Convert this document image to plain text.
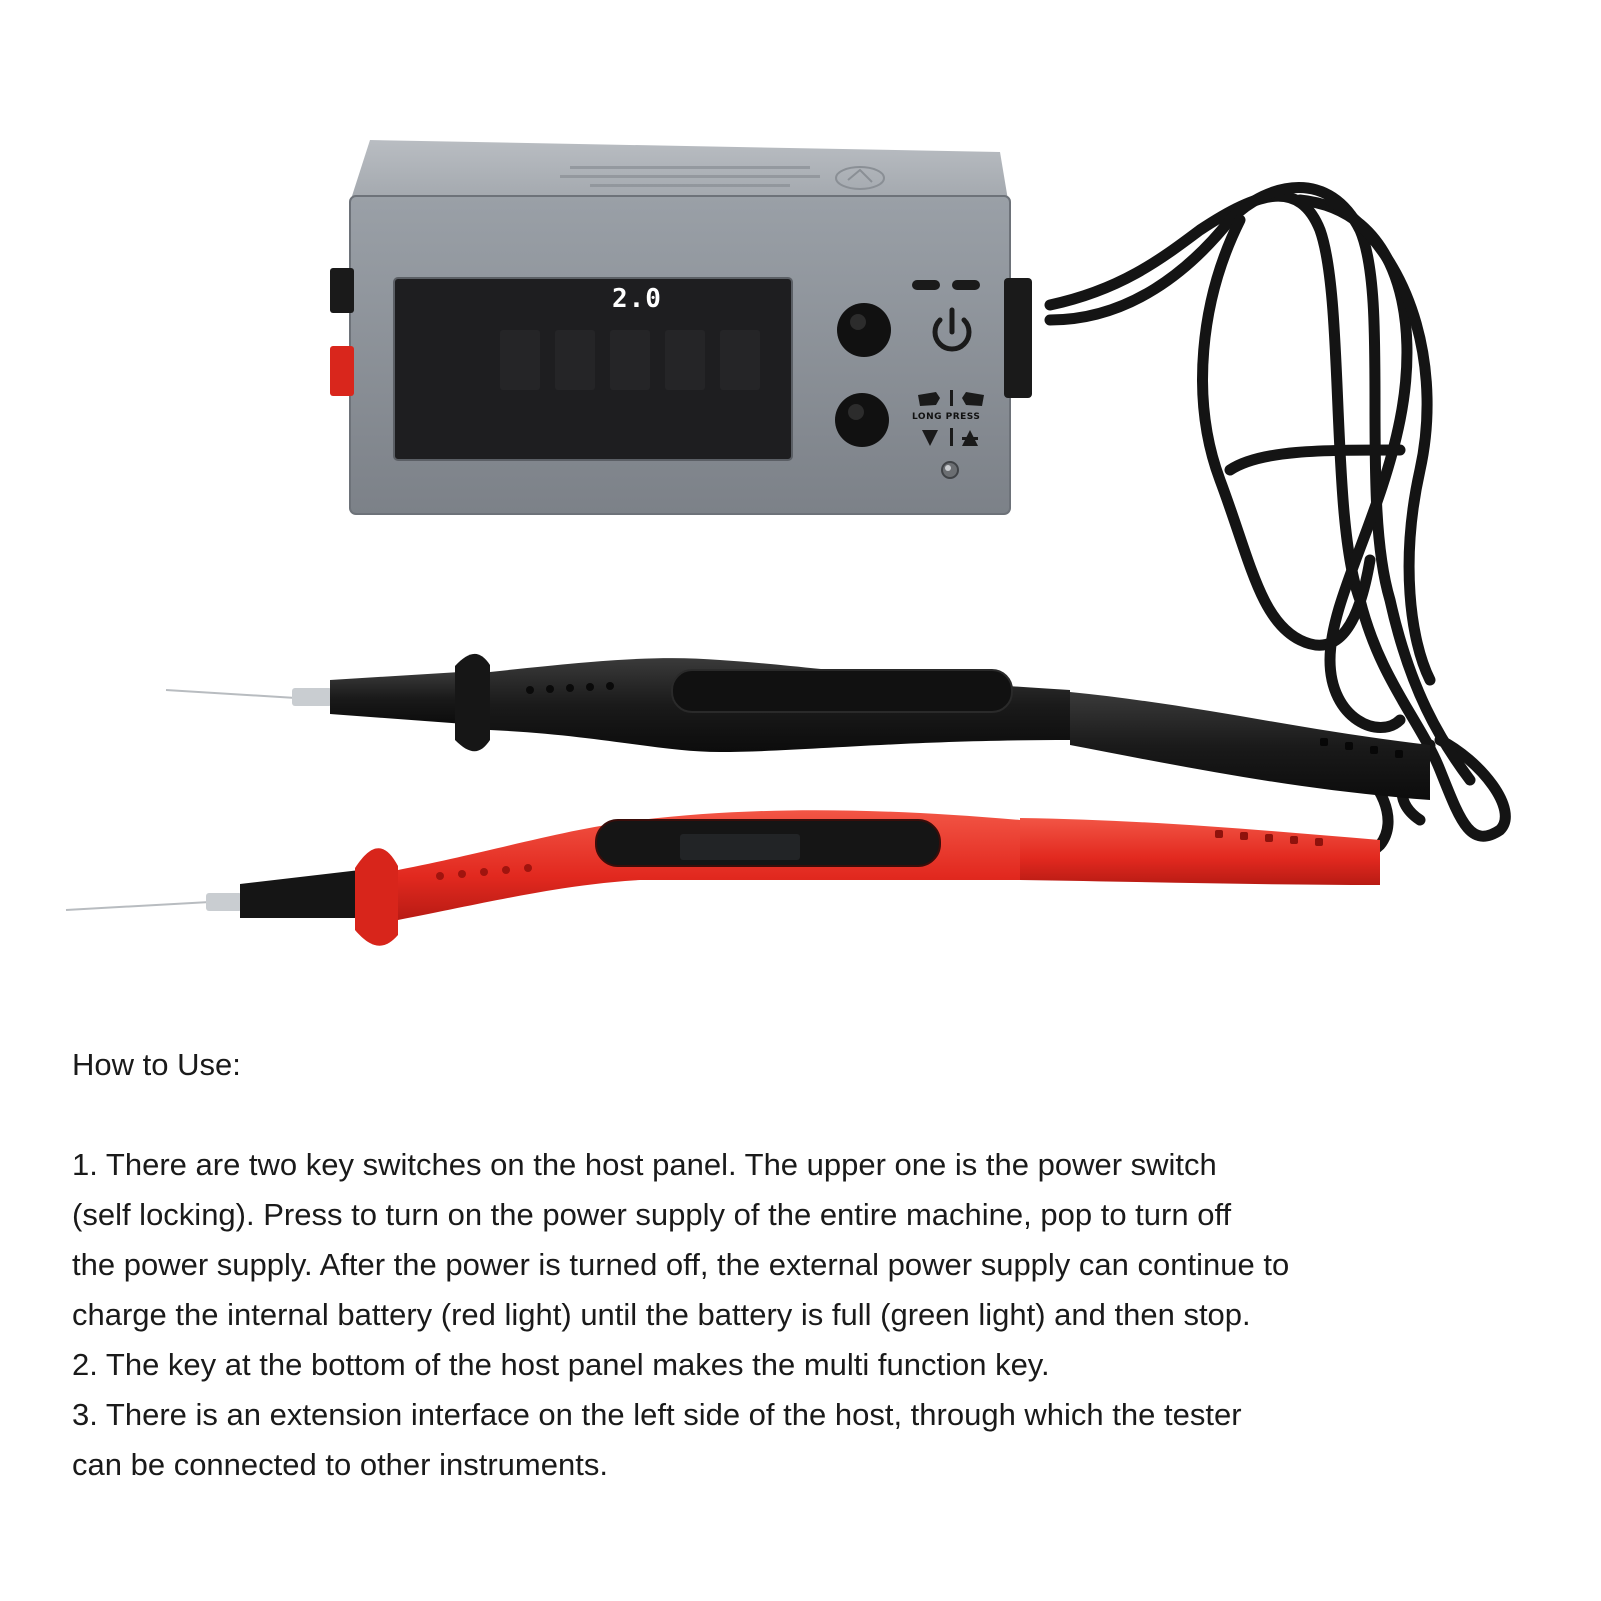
2.0
LONG PRESS

How to Use:

1. There are two key switches on the host panel. The upper one is the power switch
(self locking). Press to turn on the power supply of the entire machine, pop to turn off
the power supply. After the power is turned off, the external power supply can continue to
charge the internal battery (red light) until the battery is full (green light) and then stop.
2. The key at the bottom of the host panel makes the multi function key.
3. There is an extension interface on the left side of the host, through which the tester
can be connected to other instruments.
